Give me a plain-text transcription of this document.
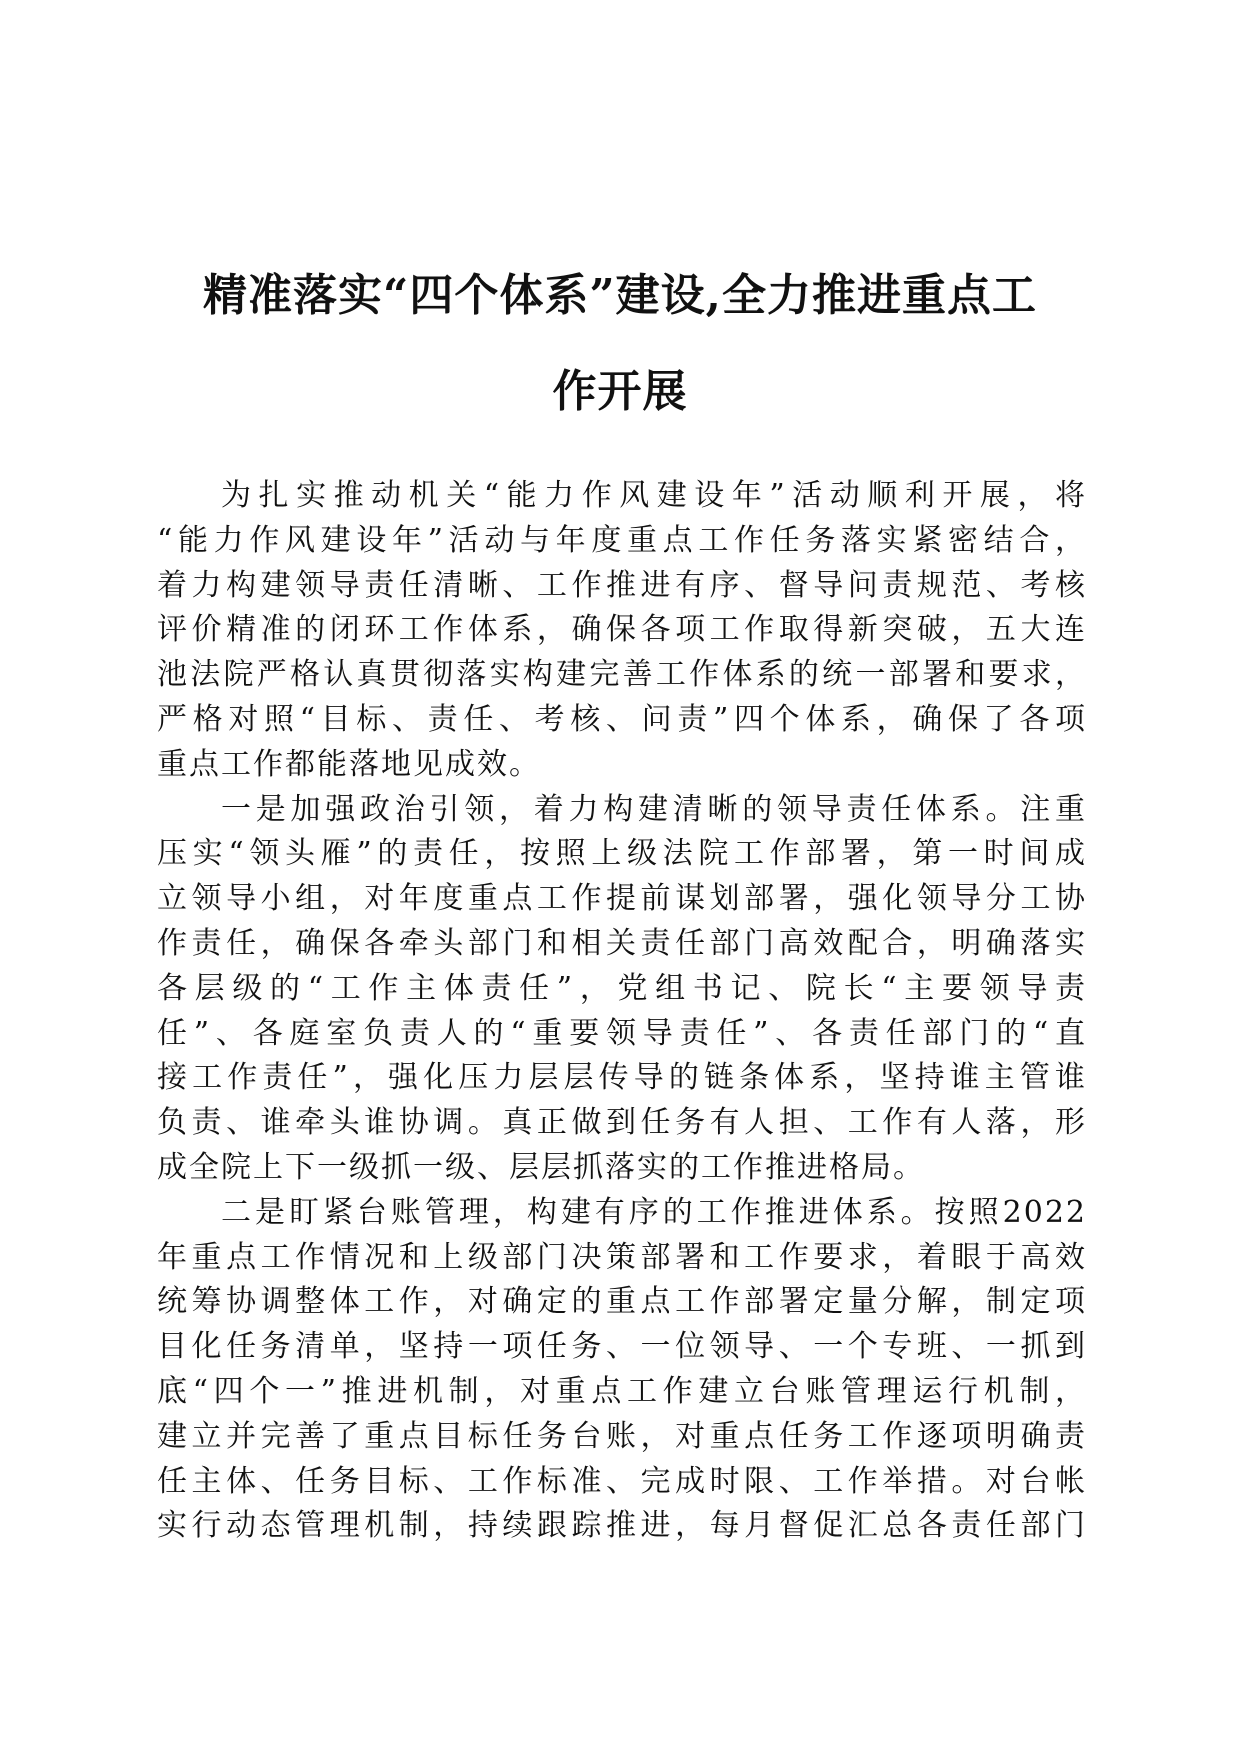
精准落实“四个体系”建设,全力推进重点工
作开展
为扎实推动机关“能力作风建设年”活动顺利开展，将
“能力作风建设年”活动与年度重点工作任务落实紧密结合，
着力构建领导责任清晰、工作推进有序、督导问责规范、考核
评价精准的闭环工作体系，确保各项工作取得新突破，五大连
池法院严格认真贯彻落实构建完善工作体系的统一部署和要求，
严格对照“目标、责任、考核、问责”四个体系，确保了各项
重点工作都能落地见成效。
一是加强政治引领，着力构建清晰的领导责任体系。注重
压实“领头雁”的责任，按照上级法院工作部署，第一时间成
立领导小组，对年度重点工作提前谋划部署，强化领导分工协
作责任，确保各牵头部门和相关责任部门高效配合，明确落实
各层级的“工作主体责任”，党组书记、院长“主要领导责
任”、各庭室负责人的“重要领导责任”、各责任部门的“直
接工作责任”，强化压力层层传导的链条体系，坚持谁主管谁
负责、谁牵头谁协调。真正做到任务有人担、工作有人落，形
成全院上下一级抓一级、层层抓落实的工作推进格局。
二是盯紧台账管理，构建有序的工作推进体系。按照2022
年重点工作情况和上级部门决策部署和工作要求，着眼于高效
统筹协调整体工作，对确定的重点工作部署定量分解，制定项
目化任务清单，坚持一项任务、一位领导、一个专班、一抓到
底“四个一”推进机制，对重点工作建立台账管理运行机制，
建立并完善了重点目标任务台账，对重点任务工作逐项明确责
任主体、任务目标、工作标准、完成时限、工作举措。对台帐
实行动态管理机制，持续跟踪推进，每月督促汇总各责任部门
